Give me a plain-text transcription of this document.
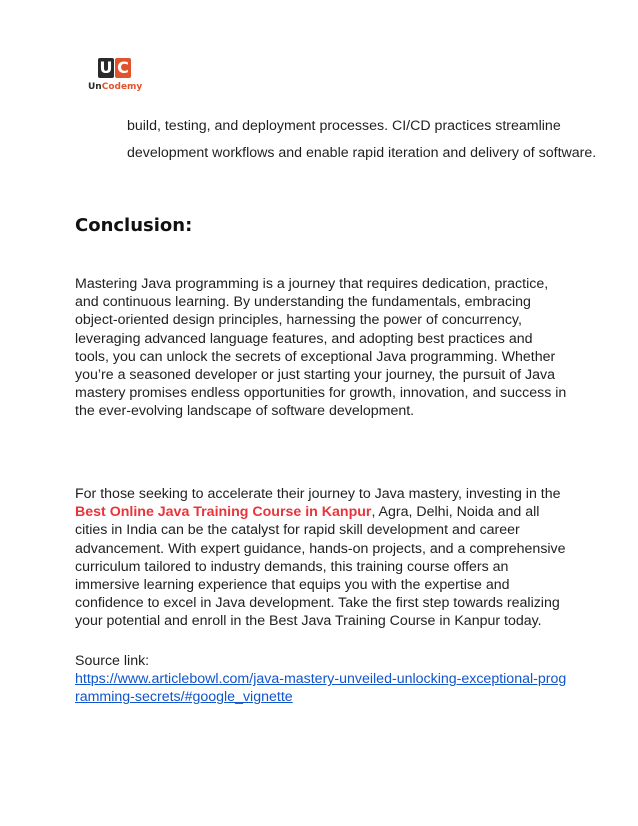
U C
UnCodemy
build, testing, and deployment processes. CI/CD practices streamline
development workflows and enable rapid iteration and delivery of software.
Conclusion:
Mastering Java programming is a journey that requires dedication, practice, and continuous learning. By understanding the fundamentals, embracing object-oriented design principles, harnessing the power of concurrency, leveraging advanced language features, and adopting best practices and tools, you can unlock the secrets of exceptional Java programming. Whether you’re a seasoned developer or just starting your journey, the pursuit of Java mastery promises endless opportunities for growth, innovation, and success in the ever-evolving landscape of software development.
For those seeking to accelerate their journey to Java mastery, investing in the Best Online Java Training Course in Kanpur, Agra, Delhi, Noida and all cities in India can be the catalyst for rapid skill development and career advancement. With expert guidance, hands-on projects, and a comprehensive curriculum tailored to industry demands, this training course offers an immersive learning experience that equips you with the expertise and confidence to excel in Java development. Take the first step towards realizing your potential and enroll in the Best Java Training Course in Kanpur today.
Source link:
https://www.articlebowl.com/java-mastery-unveiled-unlocking-exceptional-programming-secrets/#google_vignette
